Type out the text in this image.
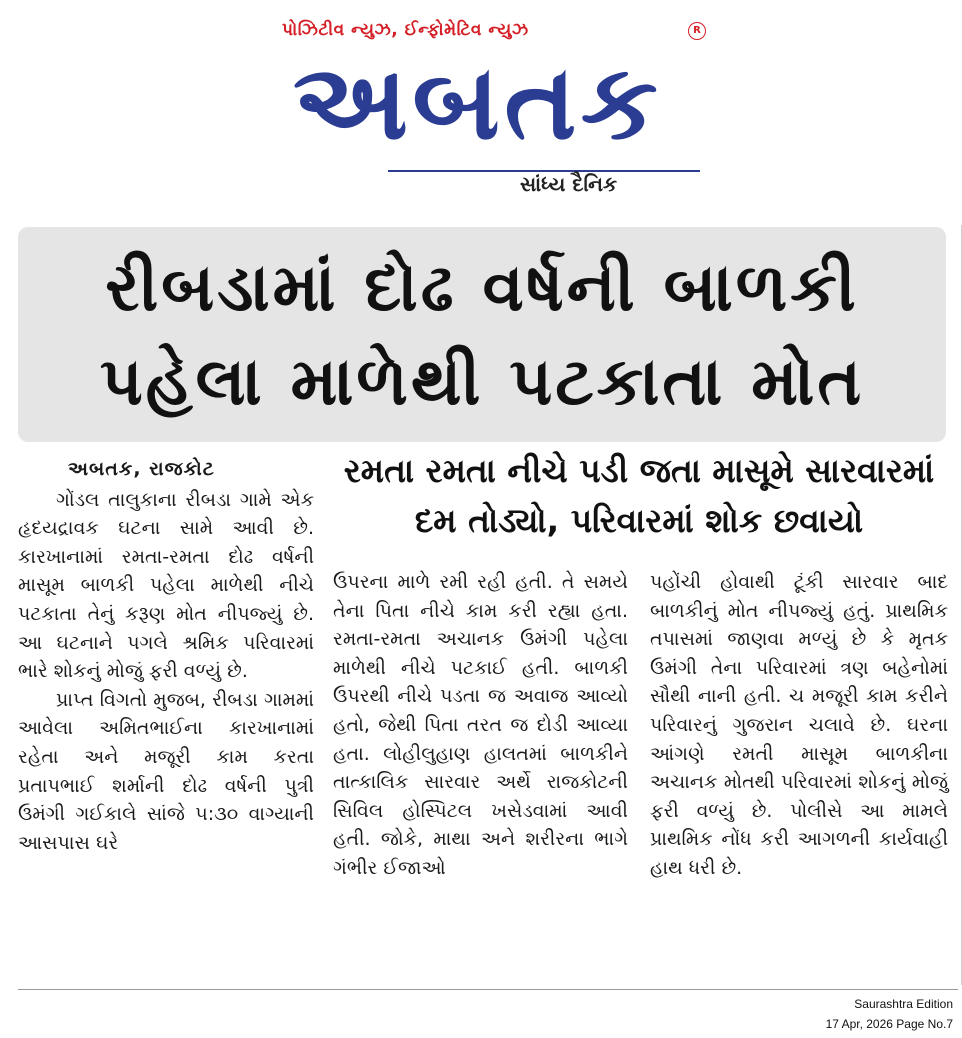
પોઝિટીવ ન્યુઝ, ઈન્ફોમેટિવ ન્યુઝ	R
અબતક
સાંધ્ય દૈનિક
રીબડામાં દોઢ વર્ષની બાળકી
પહેલા માળેથી પટકાતા મોત
અબતક, રાજકોટ

ગોંડલ તાલુકાના રીબડા ગામે એક હૃદયદ્રાવક ઘટના સામે આવી છે. કારખાનામાં રમતા-રમતા દોઢ વર્ષની માસૂમ બાળકી પહેલા માળેથી નીચે પટકાતા તેનું કરૂણ મોત નીપજ્યું છે. આ ઘટનાને પગલે શ્રમિક પરિવારમાં ભારે શોકનું મોજું ફરી વળ્યું છે.

પ્રાપ્ત વિગતો મુજબ, રીબડા ગામમાં આવેલા અમિતભાઈના કારખાનામાં રહેતા અને મજૂરી કામ કરતા પ્રતાપભાઈ શર્માની દોઢ વર્ષની પુત્રી ઉમંગી ગઈકાલે સાંજે ૫:૩૦ વાગ્યાની આસપાસ ઘરે

રમતા રમતા નીચે પડી જતા માસૂમે સારવારમાં
દમ તોડ્યો, પરિવારમાં શોક છવાયો

ઉપરના માળે રમી રહી હતી. તે સમયે તેના પિતા નીચે કામ કરી રહ્યા હતા. રમતા-રમતા અચાનક ઉમંગી પહેલા માળેથી નીચે પટકાઈ હતી. બાળકી ઉપરથી નીચે પડતા જ અવાજ આવ્યો હતો, જેથી પિતા તરત જ દોડી આવ્યા હતા. લોહીલુહાણ હાલતમાં બાળકીને તાત્કાલિક સારવાર અર્થે રાજકોટની સિવિલ હોસ્પિટલ ખસેડવામાં આવી હતી. જોકે, માથા અને શરીરના ભાગે ગંભીર ઈજાઓ

પહોંચી હોવાથી ટૂંકી સારવાર બાદ બાળકીનું મોત નીપજ્યું હતું. પ્રાથમિક તપાસમાં જાણવા મળ્યું છે કે મૃતક ઉમંગી તેના પરિવારમાં ત્રણ બહેનોમાં સૌથી નાની હતી. ચ મજૂરી કામ કરીને પરિવારનું ગુજરાન ચલાવે છે. ઘરના આંગણે રમતી માસૂમ બાળકીના અચાનક મોતથી પરિવારમાં શોકનું મોજું ફરી વળ્યું છે. પોલીસે આ મામલે પ્રાથમિક નોંધ કરી આગળની કાર્યવાહી હાથ ધરી છે.

Saurashtra Edition
17 Apr, 2026 Page No.7
